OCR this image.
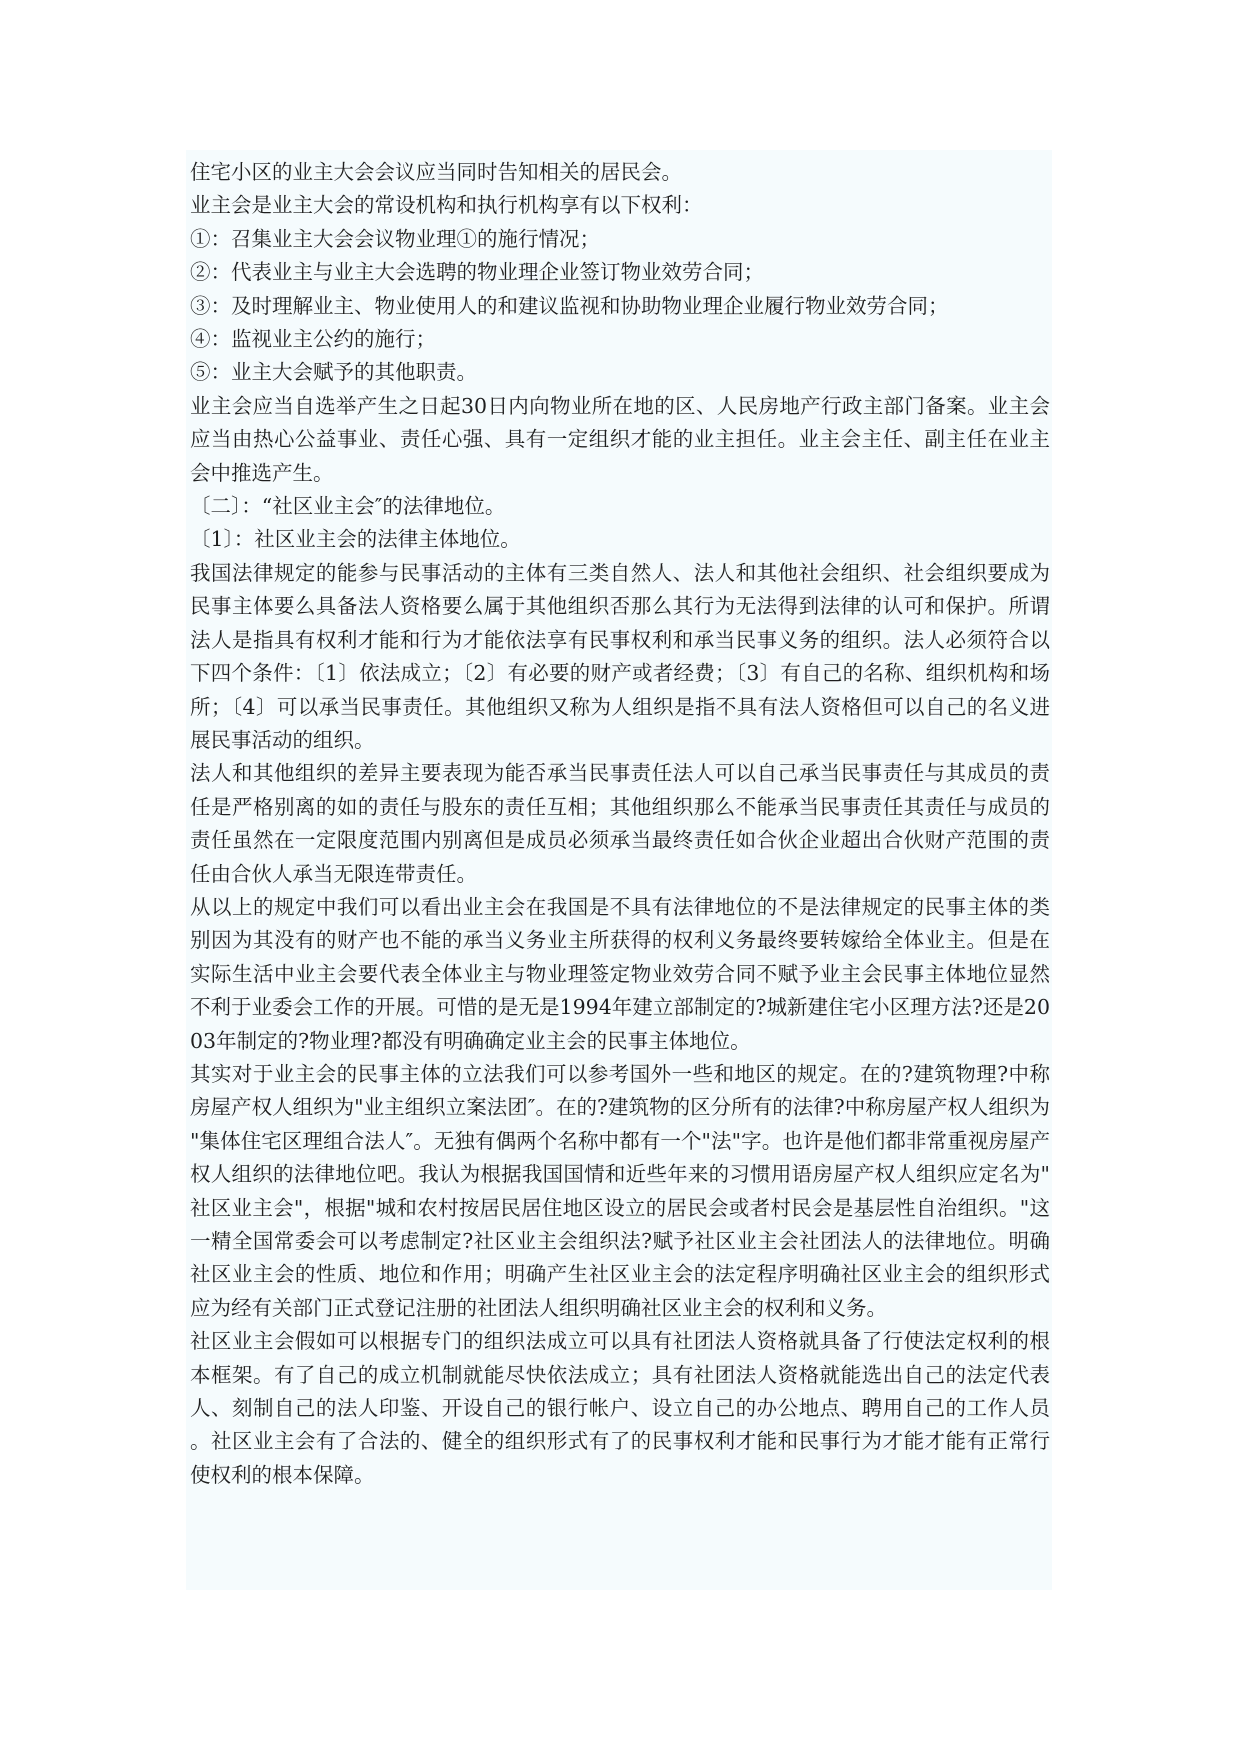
住宅小区的业主大会会议应当同时告知相关的居民会。

业主会是业主大会的常设机构和执行机构享有以下权利：

①：召集业主大会会议物业理①的施行情况；

②：代表业主与业主大会选聘的物业理企业签订物业效劳合同；

③：及时理解业主、物业使用人的和建议监视和协助物业理企业履行物业效劳合同；

④：监视业主公约的施行；

⑤：业主大会赋予的其他职责。

业主会应当自选举产生之日起30日内向物业所在地的区、人民房地产行政主部门备案。业主会应当由热心公益事业、责任心强、具有一定组织才能的业主担任。业主会主任、副主任在业主会中推选产生。

〔二〕：“社区业主会″的法律地位。

〔1〕：社区业主会的法律主体地位。

我国法律规定的能参与民事活动的主体有三类自然人、法人和其他社会组织、社会组织要成为民事主体要么具备法人资格要么属于其他组织否那么其行为无法得到法律的认可和保护。所谓法人是指具有权利才能和行为才能依法享有民事权利和承当民事义务的组织。法人必须符合以下四个条件：〔1〕依法成立；〔2〕有必要的财产或者经费；〔3〕有自己的名称、组织机构和场所；〔4〕可以承当民事责任。其他组织又称为人组织是指不具有法人资格但可以自己的名义进展民事活动的组织。

法人和其他组织的差异主要表现为能否承当民事责任法人可以自己承当民事责任与其成员的责任是严格别离的如的责任与股东的责任互相；其他组织那么不能承当民事责任其责任与成员的责任虽然在一定限度范围内别离但是成员必须承当最终责任如合伙企业超出合伙财产范围的责任由合伙人承当无限连带责任。

从以上的规定中我们可以看出业主会在我国是不具有法律地位的不是法律规定的民事主体的类别因为其没有的财产也不能的承当义务业主所获得的权利义务最终要转嫁给全体业主。但是在实际生活中业主会要代表全体业主与物业理签定物业效劳合同不赋予业主会民事主体地位显然不利于业委会工作的开展。可惜的是无是1994年建立部制定的?城新建住宅小区理方法?还是2003年制定的?物业理?都没有明确确定业主会的民事主体地位。

其实对于业主会的民事主体的立法我们可以参考国外一些和地区的规定。在的?建筑物理?中称房屋产权人组织为"业主组织立案法团″。在的?建筑物的区分所有的法律?中称房屋产权人组织为"集体住宅区理组合法人″。无独有偶两个名称中都有一个"法"字。也许是他们都非常重视房屋产权人组织的法律地位吧。我认为根据我国国情和近些年来的习惯用语房屋产权人组织应定名为"社区业主会"，根据"城和农村按居民居住地区设立的居民会或者村民会是基层性自治组织。"这一精全国常委会可以考虑制定?社区业主会组织法?赋予社区业主会社团法人的法律地位。明确社区业主会的性质、地位和作用；明确产生社区业主会的法定程序明确社区业主会的组织形式应为经有关部门正式登记注册的社团法人组织明确社区业主会的权利和义务。

社区业主会假如可以根据专门的组织法成立可以具有社团法人资格就具备了行使法定权利的根本框架。有了自己的成立机制就能尽快依法成立；具有社团法人资格就能选出自己的法定代表人、刻制自己的法人印鉴、开设自己的银行帐户、设立自己的办公地点、聘用自己的工作人员。社区业主会有了合法的、健全的组织形式有了的民事权利才能和民事行为才能才能有正常行使权利的根本保障。
